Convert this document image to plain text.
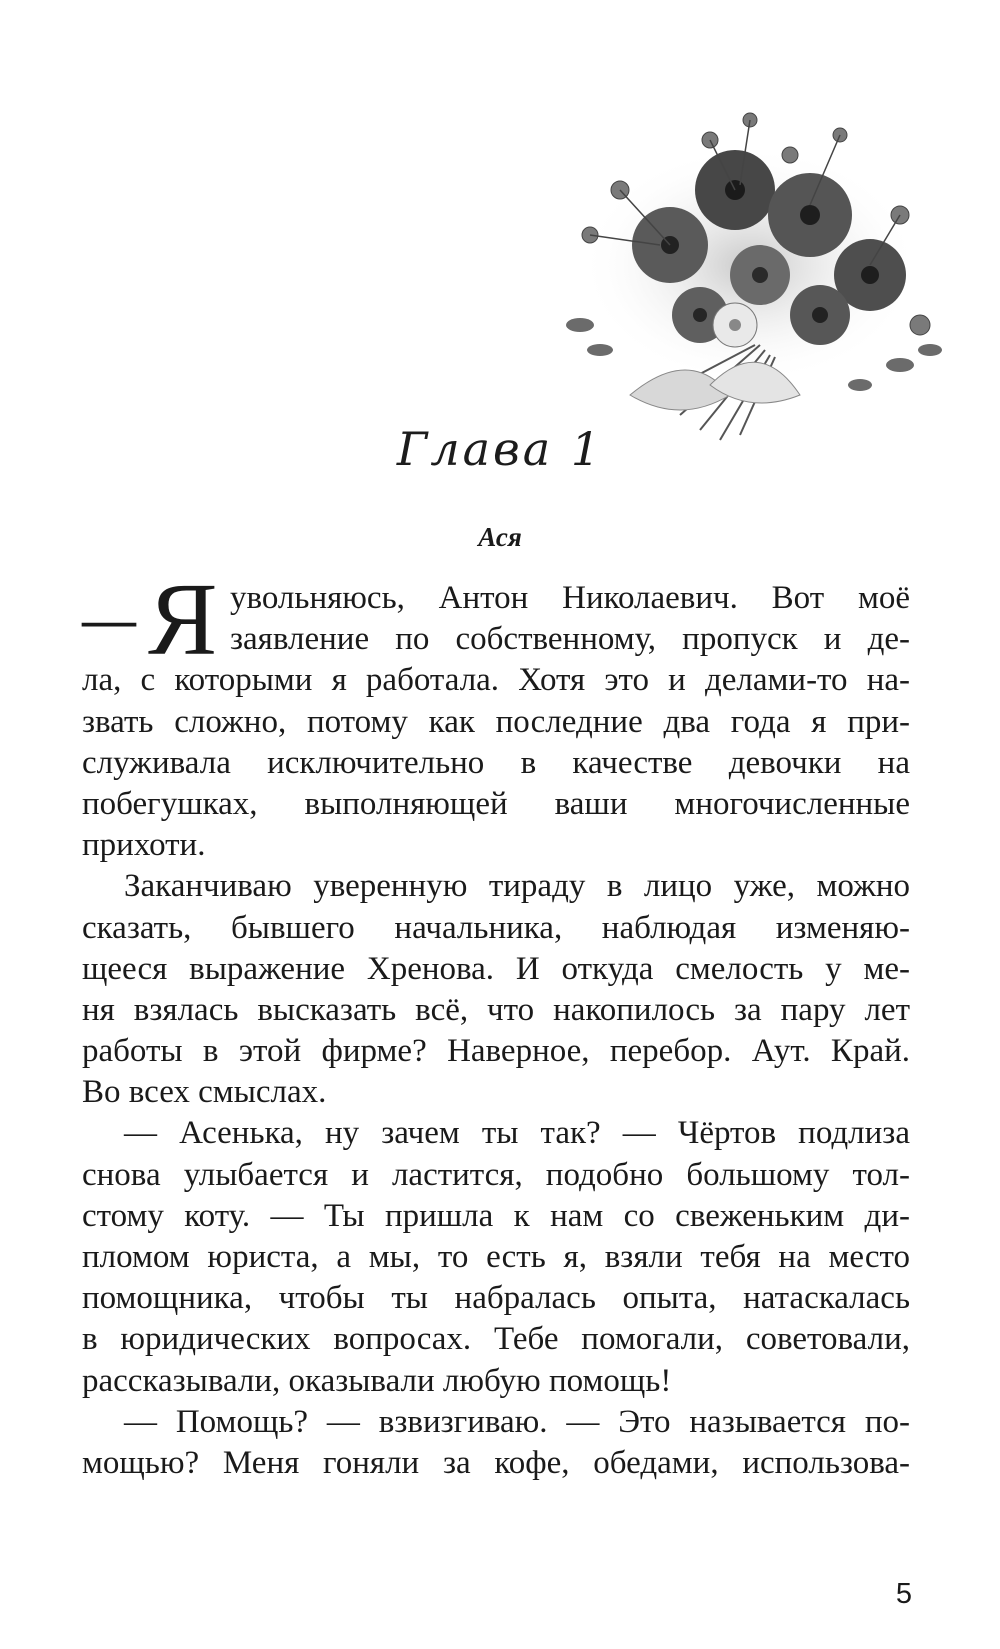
Глава 1
Ася
— Я увольняюсь, Антон Николаевич. Вот моё
заявление по собственному, пропуск и де-
ла, с которыми я работала. Хотя это и делами-то на-
звать сложно, потому как последние два года я при-
служивала исключительно в качестве девочки на
побегушках, выполняющей ваши многочисленные
прихоти.
Заканчиваю уверенную тираду в лицо уже, можно
сказать, бывшего начальника, наблюдая изменяю-
щееся выражение Хренова. И откуда смелость у ме-
ня взялась высказать всё, что накопилось за пару лет
работы в этой фирме? Наверное, перебор. Аут. Край.
Во всех смыслах.
— Асенька, ну зачем ты так? — Чёртов подлиза
снова улыбается и ластится, подобно большому тол-
стому коту. — Ты пришла к нам со свеженьким ди-
пломом юриста, а мы, то есть я, взяли тебя на место
помощника, чтобы ты набралась опыта, натаскалась
в юридических вопросах. Тебе помогали, советовали,
рассказывали, оказывали любую помощь!
— Помощь? — взвизгиваю. — Это называется по-
мощью? Меня гоняли за кофе, обедами, использова-
5
